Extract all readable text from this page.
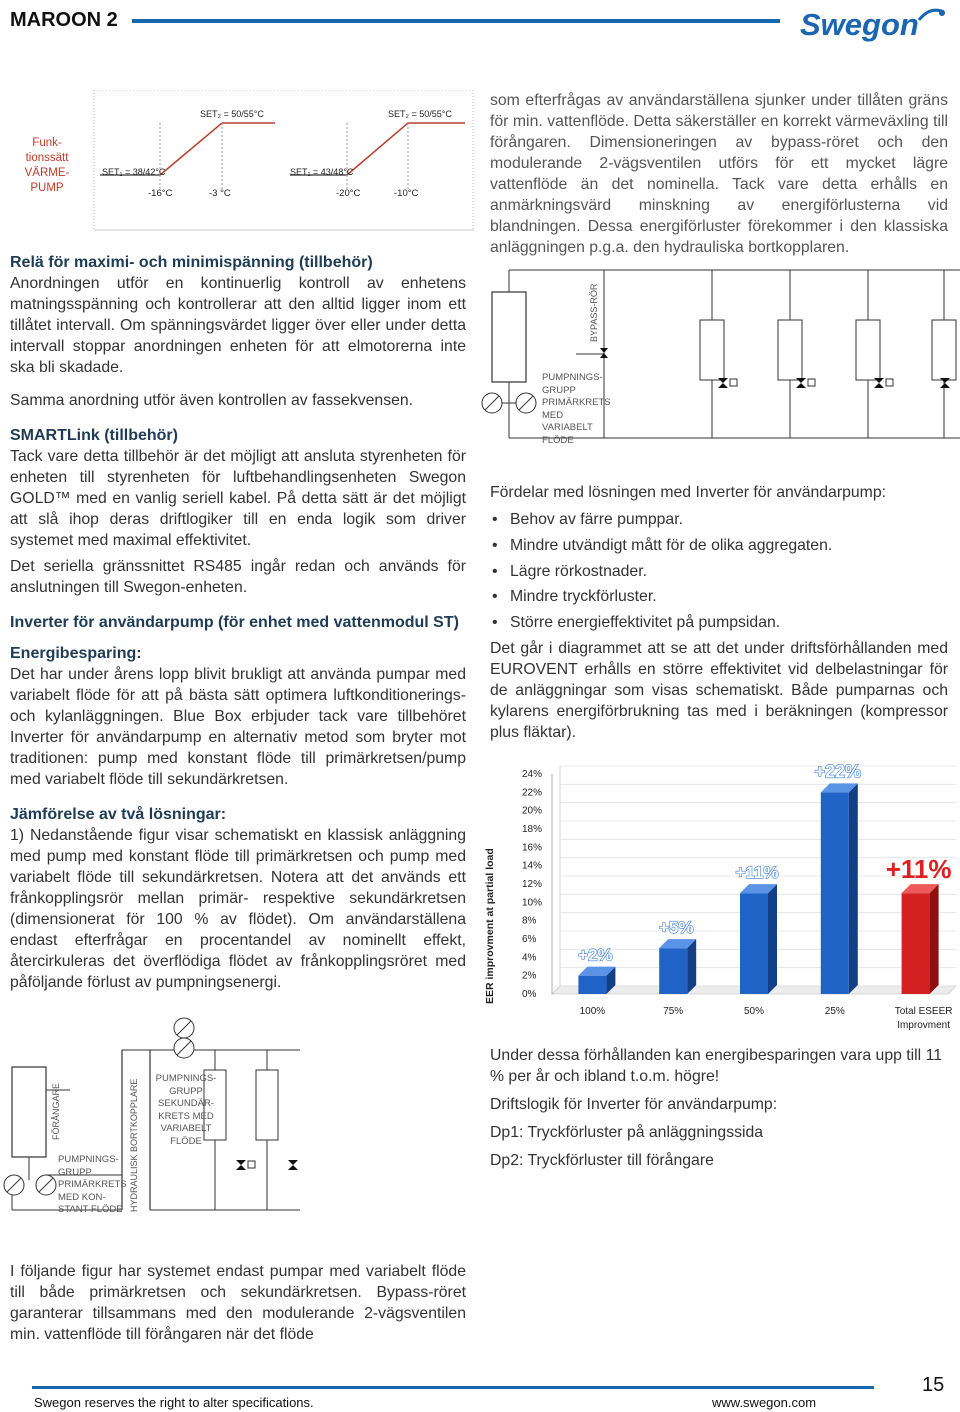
MAROON 2	Swegon
Funk-
tionssätt
VÄRME-
PUMP
SET₂ = 50/55°C
SET₁ = 38/42°C
-16°C	-3 °C
SET₂ = 50/55°C
SET₁ = 43/48°C
-20°C	-10°C

Relä för maximi- och minimispänning (tillbehör)

Anordningen utför en kontinuerlig kontroll av enhetens matningsspänning och kontrollerar att den alltid ligger inom ett tillåtet intervall. Om spänningsvärdet ligger över eller under detta intervall stoppar anordningen enheten för att elmotorerna inte ska bli skadade.

Samma anordning utför även kontrollen av fassekvensen.

SMARTLink (tillbehör)

Tack vare detta tillbehör är det möjligt att ansluta styrenheten för enheten till styrenheten för luftbehandlingsenheten Swegon GOLD™ med en vanlig seriell kabel. På detta sätt är det möjligt att slå ihop deras driftlogiker till en enda logik som driver systemet med maximal effektivitet.

Det seriella gränssnittet RS485 ingår redan och används för anslutningen till Swegon-enheten.

Inverter för användarpump (för enhet med vattenmodul ST)

Energibesparing:

Det har under årens lopp blivit brukligt att använda pumpar med variabelt flöde för att på bästa sätt optimera luftkonditionerings- och kylanläggningen. Blue Box erbjuder tack vare tillbehöret Inverter för användarpump en alternativ metod som bryter mot traditionen: pump med konstant flöde till primärkretsen/pump med variabelt flöde till sekundärkretsen.

Jämförelse av två lösningar:

1) Nedanstående figur visar schematiskt en klassisk anläggning med pump med konstant flöde till primärkretsen och pump med variabelt flöde till sekundärkretsen. Notera att det används ett frånkopplingsrör mellan primär- respektive sekundärkretsen (dimensionerat för 100 % av flödet). Om användarställena endast efterfrågar en procentandel av nominellt effekt, återcirkuleras det överflödiga flödet av frånkopplingsröret med påföljande förlust av pumpningsenergi.

FÖRÅNGARE
PUMPNINGS-
GRUPP
PRIMÄRKRETS
MED KON-
STANT FLÖDE HYDRAULISK BORTKOPPLARE
PUMPNINGS-
GRUPP
SEKUNDÄR-
KRETS MED
VARIABELT
FLÖDE

I följande figur har systemet endast pumpar med variabelt flöde till både primärkretsen och sekundärkretsen. Bypass-röret garanterar tillsammans med den modulerande 2-vägsventilen min. vattenflöde till förångaren när det flöde

som efterfrågas av användarställena sjunker under tillåten gräns för min. vattenflöde. Detta säkerställer en korrekt värmeväxling till förångaren. Dimensioneringen av bypass-röret och den modulerande 2-vägsventilen utförs för ett mycket lägre vattenflöde än det nominella. Tack vare detta erhålls en anmärkningsvärd minskning av energiförlusterna vid blandningen. Dessa energiförluster förekommer i den klassiska anläggningen p.g.a. den hydrauliska bortkopplaren.

PUMPNINGS-
GRUPP
PRIMÄRKRETS
MED
VARIABELT
FLÖDE
BYPASS-RÖR

Fördelar med lösningen med Inverter för användarpump:

• Behov av färre pumppar.
• Mindre utvändigt mått för de olika aggregaten.
• Lägre rörkostnader.
• Mindre tryckförluster.
• Större energieffektivitet på pumpsidan.

Det går i diagrammet att se att det under driftsförhållanden med EUROVENT erhålls en större effektivitet vid delbelastningar för de anläggningar som visas schematiskt. Både pumparnas och kylarens energiförbrukning tas med i beräkningen (kompressor plus fläktar).

0%
2%
4%
6%
8%
10%
12%
14%
16%
18%
20%
22%
24%
EER improvment at partial load	+2%
100%
+5%
75%
+11%
50%
+22%
25%
+11%
Total ESEER
Improvment

Under dessa förhållanden kan energibesparingen vara upp till 11 % per år och ibland t.o.m. högre!

Driftslogik för Inverter för användarpump:

Dp1: Tryckförluster på anläggningssida

Dp2: Tryckförluster till förångare

Swegon reserves the right to alter specifications.	www.swegon.com
15
